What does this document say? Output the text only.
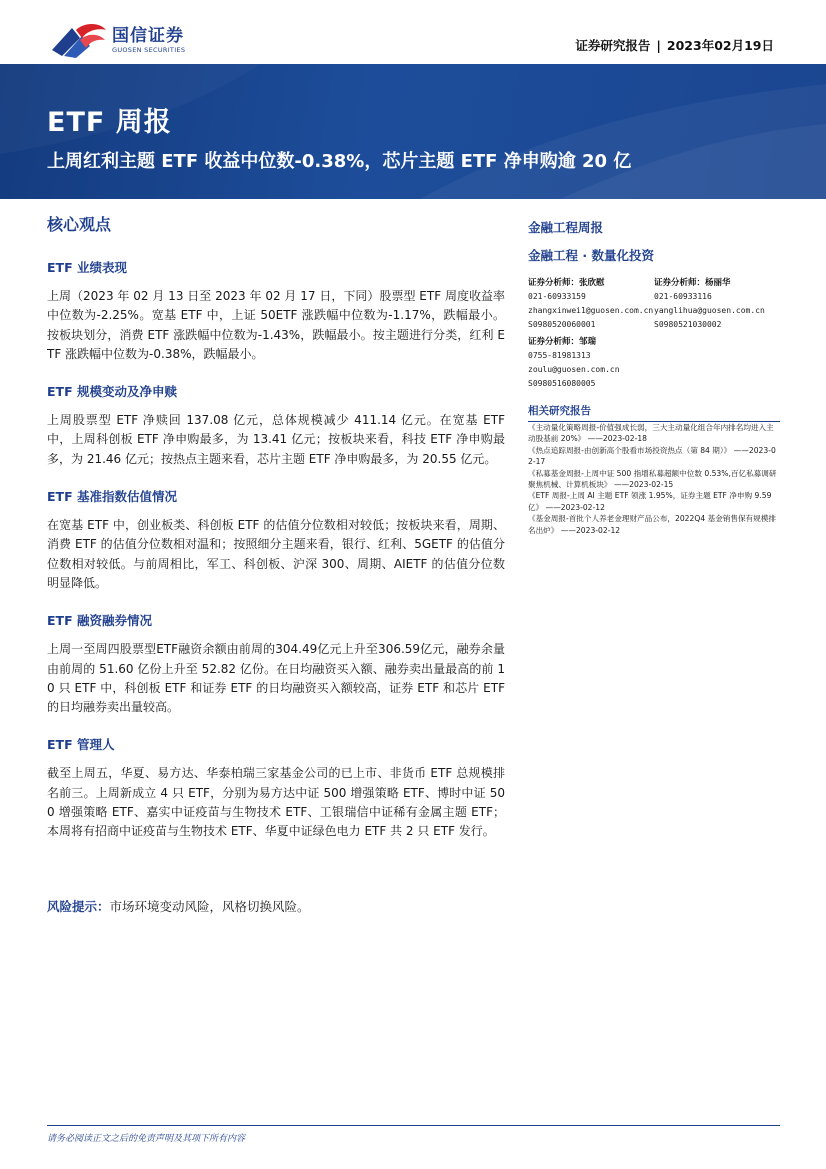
国信证券
GUOSEN SECURITIES	证券研究报告 | 2023年02月19日
ETF 周报
上周红利主题 ETF 收益中位数-0.38%，芯片主题 ETF 净申购逾 20 亿
核心观点
ETF 业绩表现
上周（2023 年 02 月 13 日至 2023 年 02 月 17 日，下同）股票型 ETF 周度收益率中位数为-2.25%。宽基 ETF 中，上证 50ETF 涨跌幅中位数为-1.17%，跌幅最小。按板块划分，消费 ETF 涨跌幅中位数为-1.43%，跌幅最小。按主题进行分类，红利 ETF 涨跌幅中位数为-0.38%，跌幅最小。
ETF 规模变动及净申赎
上周股票型 ETF 净赎回 137.08 亿元，总体规模减少 411.14 亿元。在宽基 ETF 中，上周科创板 ETF 净申购最多，为 13.41 亿元；按板块来看，科技 ETF 净申购最多，为 21.46 亿元；按热点主题来看，芯片主题 ETF 净申购最多，为 20.55 亿元。
ETF 基准指数估值情况
在宽基 ETF 中，创业板类、科创板 ETF 的估值分位数相对较低；按板块来看，周期、消费 ETF 的估值分位数相对温和；按照细分主题来看，银行、红利、5GETF 的估值分位数相对较低。与前周相比，军工、科创板、沪深 300、周期、AIETF 的估值分位数明显降低。
ETF 融资融券情况
上周一至周四股票型ETF融资余额由前周的304.49亿元上升至306.59亿元，融券余量由前周的 51.60 亿份上升至 52.82 亿份。在日均融资买入额、融券卖出量最高的前 10 只 ETF 中，科创板 ETF 和证券 ETF 的日均融资买入额较高，证券 ETF 和芯片 ETF 的日均融券卖出量较高。
ETF 管理人
截至上周五，华夏、易方达、华泰柏瑞三家基金公司的已上市、非货币 ETF 总规模排名前三。上周新成立 4 只 ETF，分别为易方达中证 500 增强策略 ETF、博时中证 500 增强策略 ETF、嘉实中证疫苗与生物技术 ETF、工银瑞信中证稀有金属主题 ETF；本周将有招商中证疫苗与生物技术 ETF、华夏中证绿色电力 ETF 共 2 只 ETF 发行。
风险提示：市场环境变动风险，风格切换风险。
金融工程周报
金融工程 · 数量化投资
证券分析师：张欣慰
021-60933159
zhangxinwei1@guosen.com.cn
S0980520060001
证券分析师：杨丽华
021-60933116
yanglihua@guosen.com.cn
S0980521030002
证券分析师：邹瑞
0755-81981313
zoulu@guosen.com.cn
S0980516080005
相关研究报告
《主动量化策略周报-价值强成长弱，三大主动量化组合年内排名均进入主动股基前 20%》 ——2023-02-18
《热点追踪周报-由创新高个股看市场投资热点（第 84 期）》 ——2023-02-17
《私募基金周报-上周中证 500 指增私募超额中位数 0.53%,百亿私募调研聚焦机械、计算机板块》 ——2023-02-15
《ETF 周报-上周 AI 主题 ETF 领涨 1.95%，证券主题 ETF 净申购 9.59 亿》 ——2023-02-12
《基金周报-首批个人养老金理财产品公布，2022Q4 基金销售保有规模排名出炉》 ——2023-02-12
请务必阅读正文之后的免责声明及其项下所有内容
